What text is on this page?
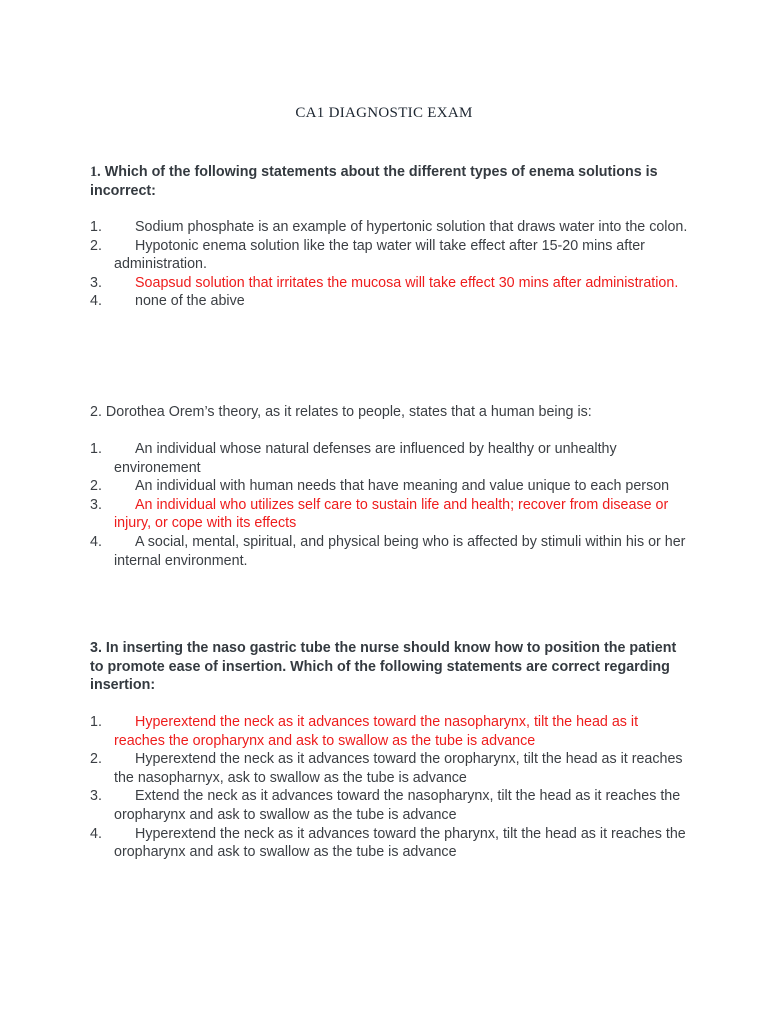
CA1 DIAGNOSTIC EXAM
1. Which of the following statements about the different types of enema solutions is incorrect:
1.	Sodium phosphate is an example of hypertonic solution that draws water into the colon.
2.	Hypotonic enema solution like the tap water will take effect after 15-20 mins after administration.
3.	Soapsud solution that irritates the mucosa will take effect 30 mins after administration.
4.	none of the abive
2. Dorothea Orem’s theory, as it relates to people, states that a human being is:
1.	An individual whose natural defenses are influenced by healthy or unhealthy environement
2.	An individual with human needs that have meaning and value unique to each person
3.	An individual who utilizes self care to sustain life and health; recover from disease or injury, or cope with its effects
4.	A social, mental, spiritual, and physical being who is affected by stimuli within his or her internal environment.
3. In inserting the naso gastric tube the nurse should know how to position the patient to promote ease of insertion. Which of the following statements are correct regarding insertion:
1.	Hyperextend the neck as it advances toward the nasopharynx, tilt the head as it reaches the oropharynx and ask to swallow as the tube is advance
2.	Hyperextend the neck as it advances toward the oropharynx, tilt the head as it reaches the nasopharnyx, ask to swallow as the tube is advance
3.	Extend the neck as it advances toward the nasopharynx, tilt the head as it reaches the oropharynx and ask to swallow as the tube is advance
4.	Hyperextend the neck as it advances toward the pharynx, tilt the head as it reaches the oropharynx and ask to swallow as the tube is advance
